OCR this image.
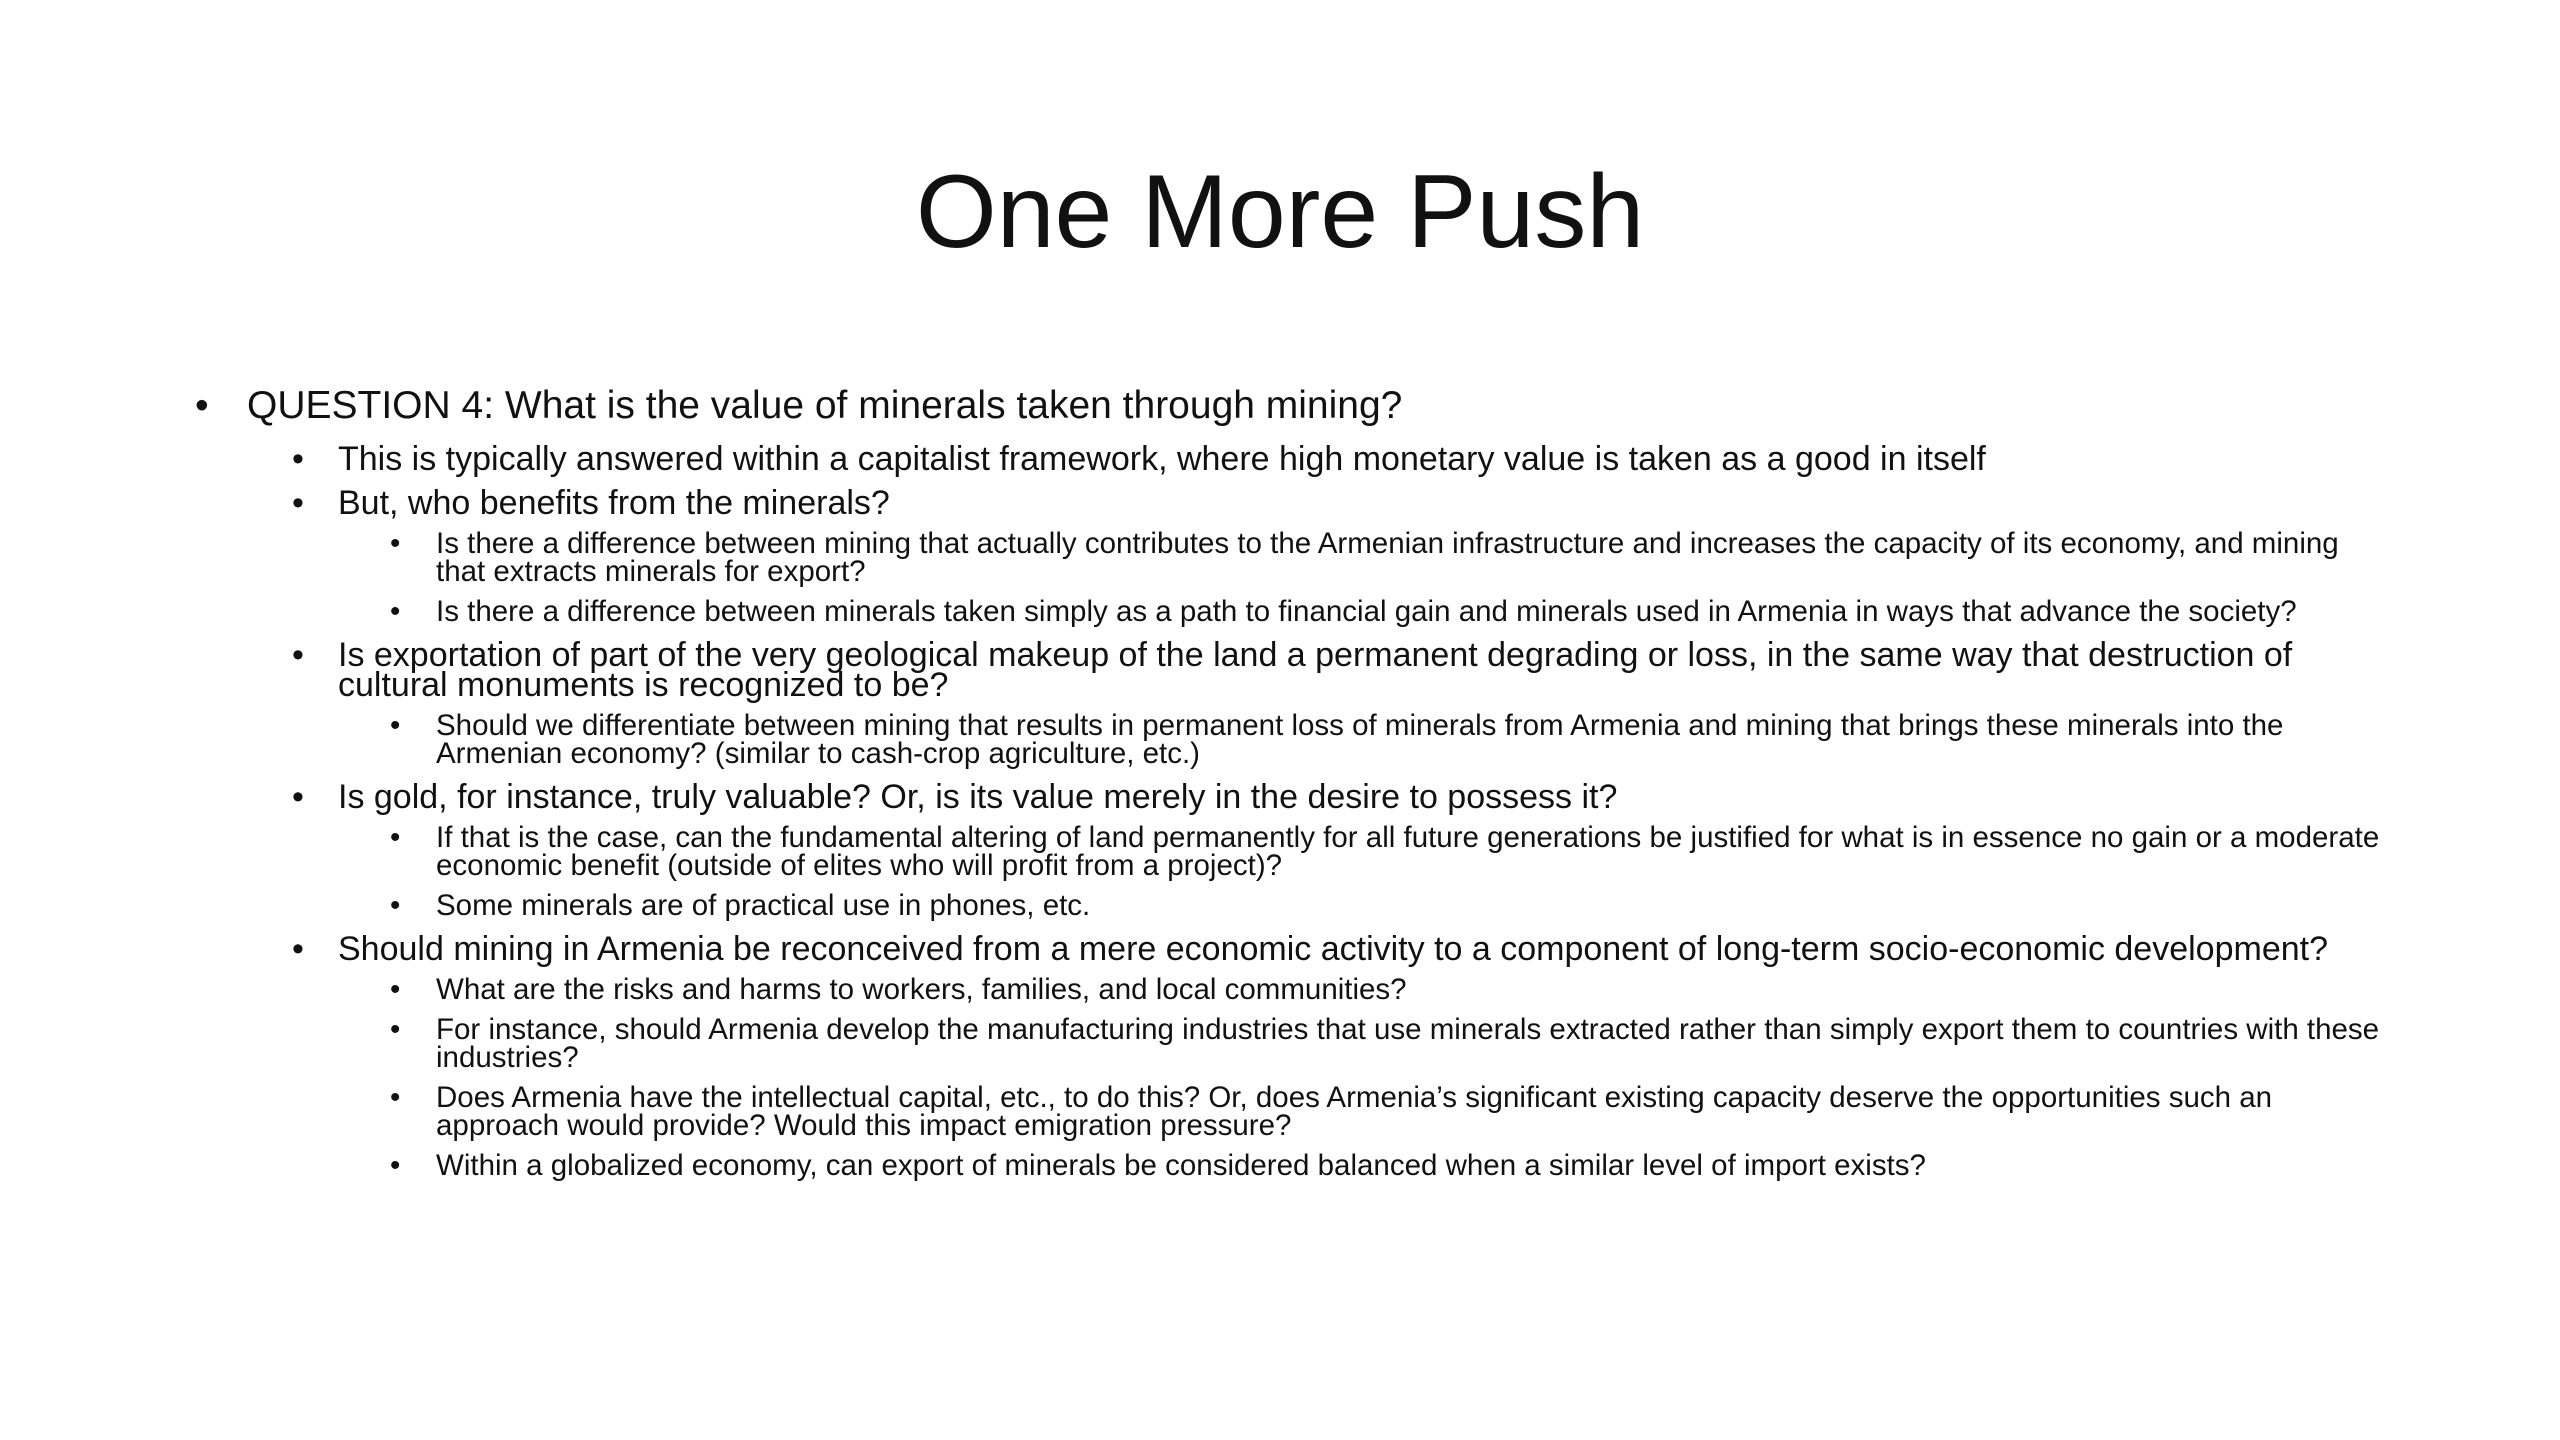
One More Push
• QUESTION 4: What is the value of minerals taken through mining?
• This is typically answered within a capitalist framework, where high monetary value is taken as a good in itself
• But, who benefits from the minerals?
• Is there a difference between mining that actually contributes to the Armenian infrastructure and increases the capacity of its economy, and mining that extracts minerals for export?
• Is there a difference between minerals taken simply as a path to financial gain and minerals used in Armenia in ways that advance the society?
• Is exportation of part of the very geological makeup of the land a permanent degrading or loss, in the same way that destruction of cultural monuments is recognized to be?
• Should we differentiate between mining that results in permanent loss of minerals from Armenia and mining that brings these minerals into the Armenian economy? (similar to cash-crop agriculture, etc.)
• Is gold, for instance, truly valuable? Or, is its value merely in the desire to possess it?
• If that is the case, can the fundamental altering of land permanently for all future generations be justified for what is in essence no gain or a moderate economic benefit (outside of elites who will profit from a project)?
• Some minerals are of practical use in phones, etc.
• Should mining in Armenia be reconceived from a mere economic activity to a component of long-term socio-economic development?
• What are the risks and harms to workers, families, and local communities?
• For instance, should Armenia develop the manufacturing industries that use minerals extracted rather than simply export them to countries with these industries?
• Does Armenia have the intellectual capital, etc., to do this? Or, does Armenia’s significant existing capacity deserve the opportunities such an approach would provide? Would this impact emigration pressure?
• Within a globalized economy, can export of minerals be considered balanced when a similar level of import exists?
